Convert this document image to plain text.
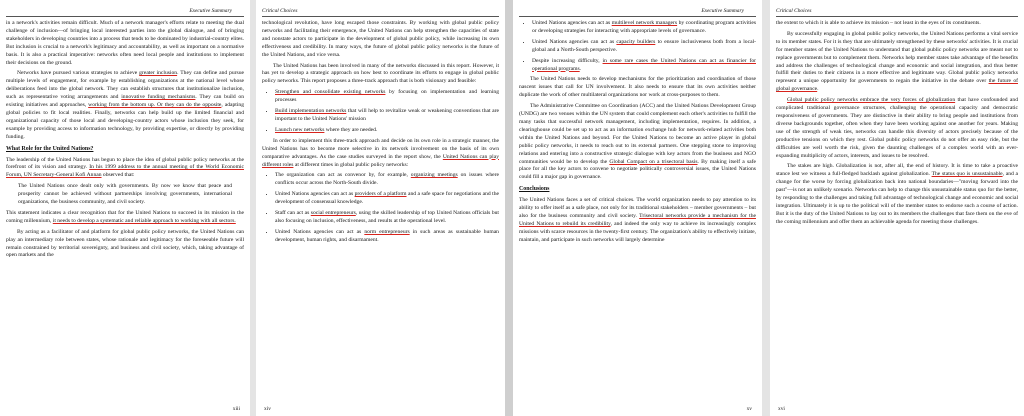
Executive Summary

in a network's activities remain difficult. Much of a network manager's efforts relate to meeting the dual challenge of inclusion—of bringing local interested parties into the global dialogue, and of bringing stakeholders in developing countries into a process that tends to be dominated by industrial-country elites. But inclusion is crucial to a network's legitimacy and accountability, as well as important on a normative basis. It is also a practical imperative: networks often need local people and institutions to implement their decisions on the ground.

Networks have pursued various strategies to achieve greater inclusion. They can define and pursue multiple levels of engagement, for example by establishing organizations at the national level whose deliberations feed into the global network. They can establish structures that institutionalize inclusion, such as representative voting arrangements and innovative funding mechanisms. They can build on existing initiatives and approaches, working from the bottom up. Or they can do the opposite, adapting global policies to fit local realities. Finally, networks can help build up the limited financial and organizational capacity of those local and developing-country actors whose inclusion they seek, for example by providing access to information technology, by providing expertise, or directly by providing funding.

What Role for the United Nations?

The leadership of the United Nations has begun to place the idea of global public policy networks at the forefront of its vision and strategy. In his 1999 address to the annual meeting of the World Economic Forum, UN Secretary-General Kofi Annan observed that:

The United Nations once dealt only with governments. By now we know that peace and prosperity cannot be achieved without partnerships involving governments, international organizations, the business community, and civil society.

This statement indicates a clear recognition that for the United Nations to succeed in its mission in the coming millennium, it needs to develop a systematic and reliable approach to working with all sectors.

By acting as a facilitator of and platform for global public policy networks, the United Nations can play an intermediary role between states, whose rationale and legitimacy for the foreseeable future will remain constrained by territorial sovereignty, and business and civil society, which, taking advantage of open markets and the

xiii
Critical Choices

technological revolution, have long escaped those constraints. By working with global public policy networks and facilitating their emergence, the United Nations can help strengthen the capacities of state and nonstate actors to participate in the development of global public policy, while increasing its own effectiveness and credibility. In many ways, the future of global public policy networks is the future of the United Nations, and vice versa.

The United Nations has been involved in many of the networks discussed in this report. However, it has yet to develop a strategic approach on how best to coordinate its efforts to engage in global public policy networks. This report proposes a three-track approach that is both visionary and feasible:

• Strengthen and consolidate existing networks by focusing on implementation and learning processes
• Build implementation networks that will help to revitalize weak or weakening conventions that are important to the United Nations' mission
• Launch new networks where they are needed.

In order to implement this three-track approach and decide on its own role in a strategic manner, the United Nations has to become more selective in its network involvement on the basis of its own comparative advantages. As the case studies surveyed in the report show, the United Nations can play different roles at different times in global public policy networks:

• The organization can act as convenor by, for example, organizing meetings on issues where conflicts occur across the North-South divide.
• United Nations agencies can act as providers of a platform and a safe space for negotiations and the development of consensual knowledge.
• Staff can act as social entrepreneurs, using the skilled leadership of top United Nations officials but also focusing on inclusion, effectiveness, and results at the operational level.
• United Nations agencies can act as norm entrepreneurs in such areas as sustainable human development, human rights, and disarmament.
xiv
Executive Summary
• United Nations agencies can act as multilevel network managers by coordinating program activities or developing strategies for interacting with appropriate levels of governance.
• United Nations agencies can act as capacity builders to ensure inclusiveness both from a local-global and a North-South perspective.
• Despite increasing difficulty, in some rare cases the United Nations can act as financier for operational programs.

The United Nations needs to develop mechanisms for the prioritization and coordination of those nascent issues that call for UN involvement. It also needs to ensure that its own activities neither duplicate the work of other multilateral organizations nor work at cross-purposes to them.

The Administrative Committee on Coordination (ACC) and the United Nations Development Group (UNDG) are two venues within the UN system that could complement each other's activities to fulfill the many tasks that successful network management, including implementation, requires. In addition, a clearinghouse could be set up to act as an information exchange hub for network-related activities both within the United Nations and beyond. For the United Nations to become an active player in global public policy networks, it needs to reach out to its external partners. One stepping stone to improving relations and entering into a constructive strategic dialogue with key actors from the business and NGO communities would be to develop the Global Compact on a trisectoral basis. By making itself a safe place for all the key actors to convene to negotiate politically controversial issues, the United Nations could fill a major gap in governance.

Conclusions

The United Nations faces a set of critical choices. The world organization needs to pay attention to its ability to offer itself as a safe place, not only for its traditional stakeholders – member governments – but also for the business community and civil society. Trisectoral networks provide a mechanism for the United Nations to rebuild its credibility, and indeed the only way to achieve its increasingly complex missions with scarce resources in the twenty-first century. The organization's ability to effectively initiate, maintain, and participate in such networks will largely determine

xv
Critical Choices

the extent to which it is able to achieve its mission – not least in the eyes of its constituents.

By successfully engaging in global public policy networks, the United Nations performs a vital service to its member states. For it is they that are ultimately strengthened by these networks' activities. It is crucial for member states of the United Nations to understand that global public policy networks are meant not to replace governments but to complement them. Networks help member states take advantage of the benefits and address the challenges of technological change and economic and social integration, and thus better fulfill their duties to their citizens in a more effective and legitimate way. Global public policy networks represent a unique opportunity for governments to regain the initiative in the debate over the future of global governance.

Global public policy networks embrace the very forces of globalization that have confounded and complicated traditional governance structures, challenging the operational capacity and democratic responsiveness of governments. They are distinctive in their ability to bring people and institutions from diverse backgrounds together, often when they have been working against one another for years. Making use of the strength of weak ties, networks can handle this diversity of actors precisely because of the productive tensions on which they rest. Global public policy networks do not offer an easy ride, but the difficulties are well worth the risk, given the daunting challenges of a complex world with an ever-expanding multiplicity of actors, interests, and issues to be resolved.

The stakes are high. Globalization is not, after all, the end of history. It is time to take a proactive stance lest we witness a full-fledged backlash against globalization. The status quo is unsustainable, and a change for the worse by forcing globalization back into national boundaries—"moving forward into the past"—is not an unlikely scenario. Networks can help to change this unsustainable status quo for the better, by responding to the challenges and taking full advantage of technological change and economic and social integration. Ultimately it is up to the political will of the member states to endorse such a course of action. But it is the duty of the United Nations to lay out to its members the challenges that face them on the eve of the coming millennium and offer them an achievable agenda for meeting those challenges.

xvi
